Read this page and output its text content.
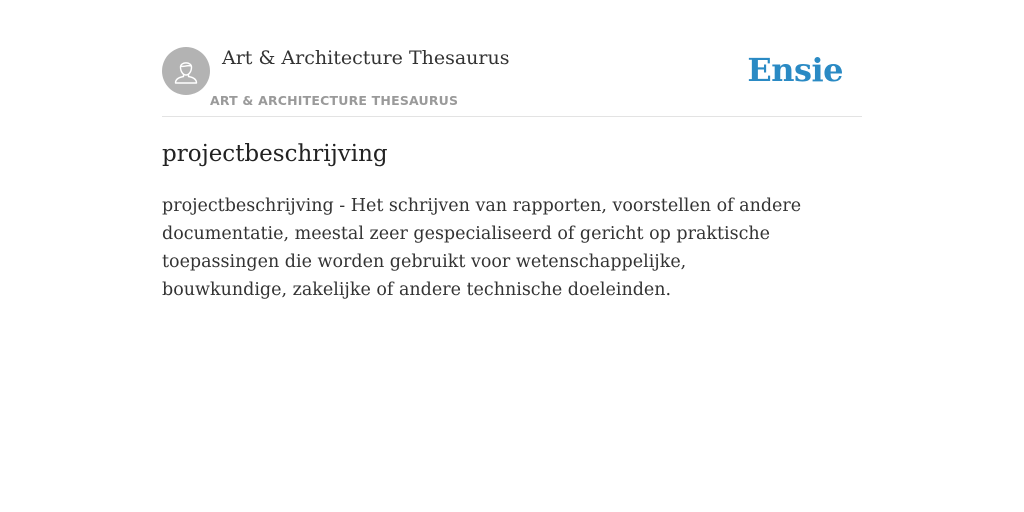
Art & Architecture Thesaurus
ART & ARCHITECTURE THESAURUS
Ensie
projectbeschrijving

projectbeschrijving - Het schrijven van rapporten, voorstellen of andere documentatie, meestal zeer gespecialiseerd of gericht op praktische toepassingen die worden gebruikt voor wetenschappelijke, bouwkundige, zakelijke of andere technische doeleinden.
